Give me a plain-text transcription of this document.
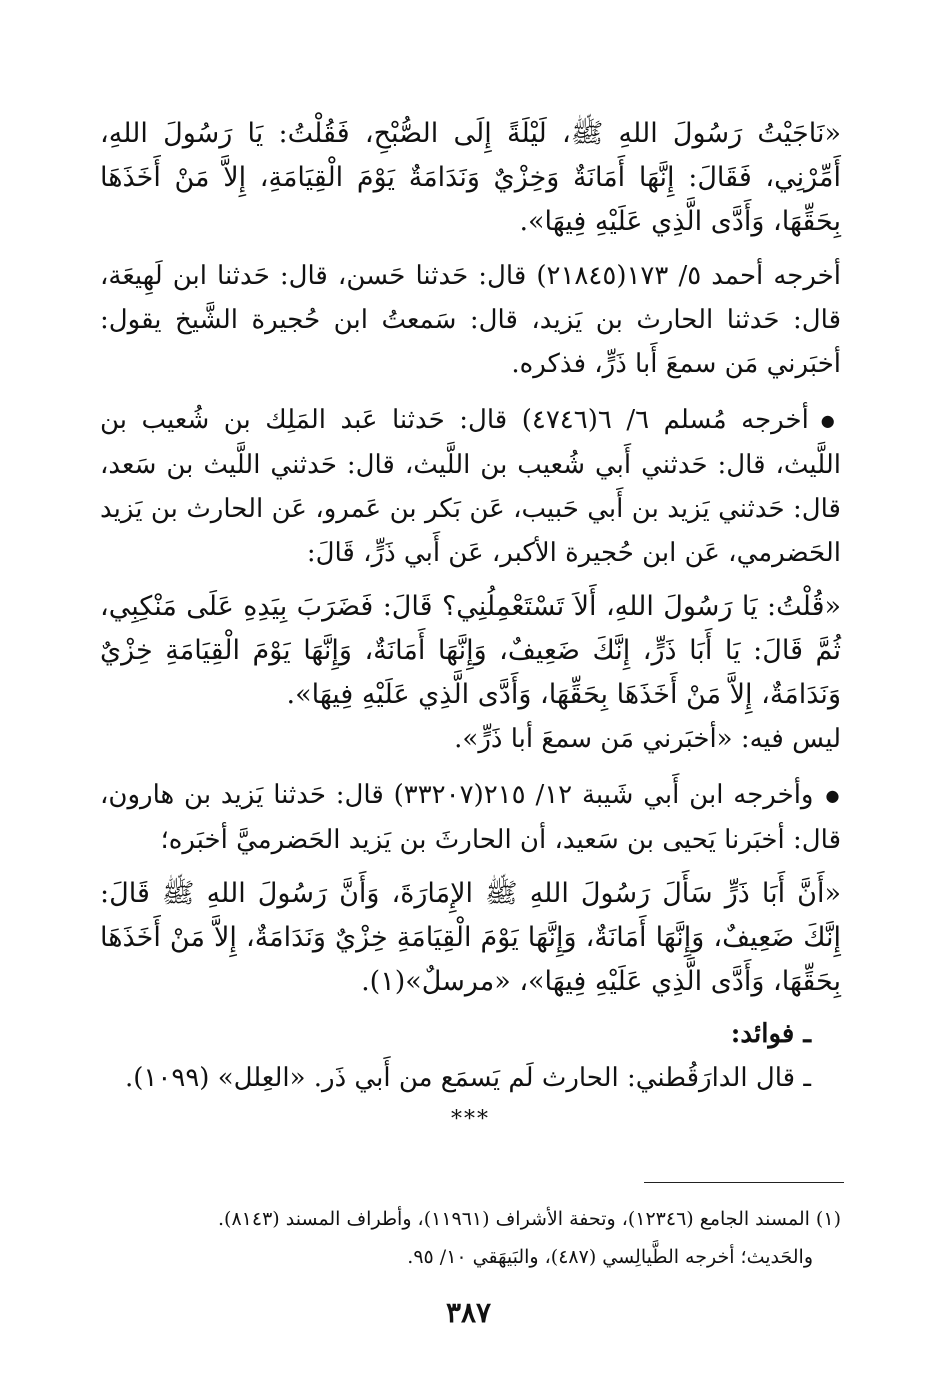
«نَاجَيْتُ رَسُولَ اللهِ ﷺ، لَيْلَةً إِلَى الصُّبْحِ، فَقُلْتُ: يَا رَسُولَ اللهِ، أَمِّرْنِي، فَقَالَ: إِنَّهَا أَمَانَةٌ وَخِزْيٌ وَنَدَامَةٌ يَوْمَ الْقِيَامَةِ، إِلاَّ مَنْ أَخَذَهَا بِحَقِّهَا، وَأَدَّى الَّذِي عَلَيْهِ فِيهَا».

أخرجه أحمد ٥/ ١٧٣(٢١٨٤٥) قال: حَدثنا حَسن، قال: حَدثنا ابن لَهِيعَة، قال: حَدثنا الحارث بن يَزيد، قال: سَمعتُ ابن حُجيرة الشَّيخ يقول: أخبَرني مَن سمعَ أَبا ذَرٍّ، فذكره.

● أخرجه مُسلم ٦/ ٦(٤٧٤٦) قال: حَدثنا عَبد المَلِك بن شُعيب بن اللَّيث، قال: حَدثني أَبي شُعيب بن اللَّيث، قال: حَدثني اللَّيث بن سَعد، قال: حَدثني يَزيد بن أَبي حَبيب، عَن بَكر بن عَمرو، عَن الحارث بن يَزيد الحَضرمي، عَن ابن حُجيرة الأكبر، عَن أَبي ذَرٍّ، قَالَ:

«قُلْتُ: يَا رَسُولَ اللهِ، أَلاَ تَسْتَعْمِلُنِي؟ قَالَ: فَضَرَبَ بِيَدِهِ عَلَى مَنْكِبِي، ثُمَّ قَالَ: يَا أَبَا ذَرٍّ، إِنَّكَ ضَعِيفٌ، وَإِنَّهَا أَمَانَةٌ، وَإِنَّهَا يَوْمَ الْقِيَامَةِ خِزْيٌ وَنَدَامَةٌ، إِلاَّ مَنْ أَخَذَهَا بِحَقِّهَا، وَأَدَّى الَّذِي عَلَيْهِ فِيهَا».

ليس فيه: «أخبَرني مَن سمعَ أبا ذَرٍّ».

● وأخرجه ابن أَبي شَيبة ١٢/ ٢١٥(٣٣٢٠٧) قال: حَدثنا يَزيد بن هارون، قال: أخبَرنا يَحيى بن سَعيد، أن الحارثَ بن يَزيد الحَضرميَّ أخبَره؛

«أَنَّ أَبَا ذَرٍّ سَأَلَ رَسُولَ اللهِ ﷺ الإِمَارَةَ، وَأَنَّ رَسُولَ اللهِ ﷺ قَالَ: إِنَّكَ ضَعِيفٌ، وَإِنَّهَا أَمَانَةٌ، وَإِنَّهَا يَوْمَ الْقِيَامَةِ خِزْيٌ وَنَدَامَةٌ، إِلاَّ مَنْ أَخَذَهَا بِحَقِّهَا، وَأَدَّى الَّذِي عَلَيْهِ فِيهَا»، «مرسلٌ»(١).

ـ فوائد:

ـ قال الدارَقُطني: الحارث لَم يَسمَع من أَبي ذَر. «العِلل» (١٠٩٩).

***

(١) المسند الجامع (١٢٣٤٦)، وتحفة الأشراف (١١٩٦١)، وأطراف المسند (٨١٤٣).

والحَديث؛ أخرجه الطَّيالِسي (٤٨٧)، والبَيهَقي ١٠/ ٩٥.

٣٨٧
